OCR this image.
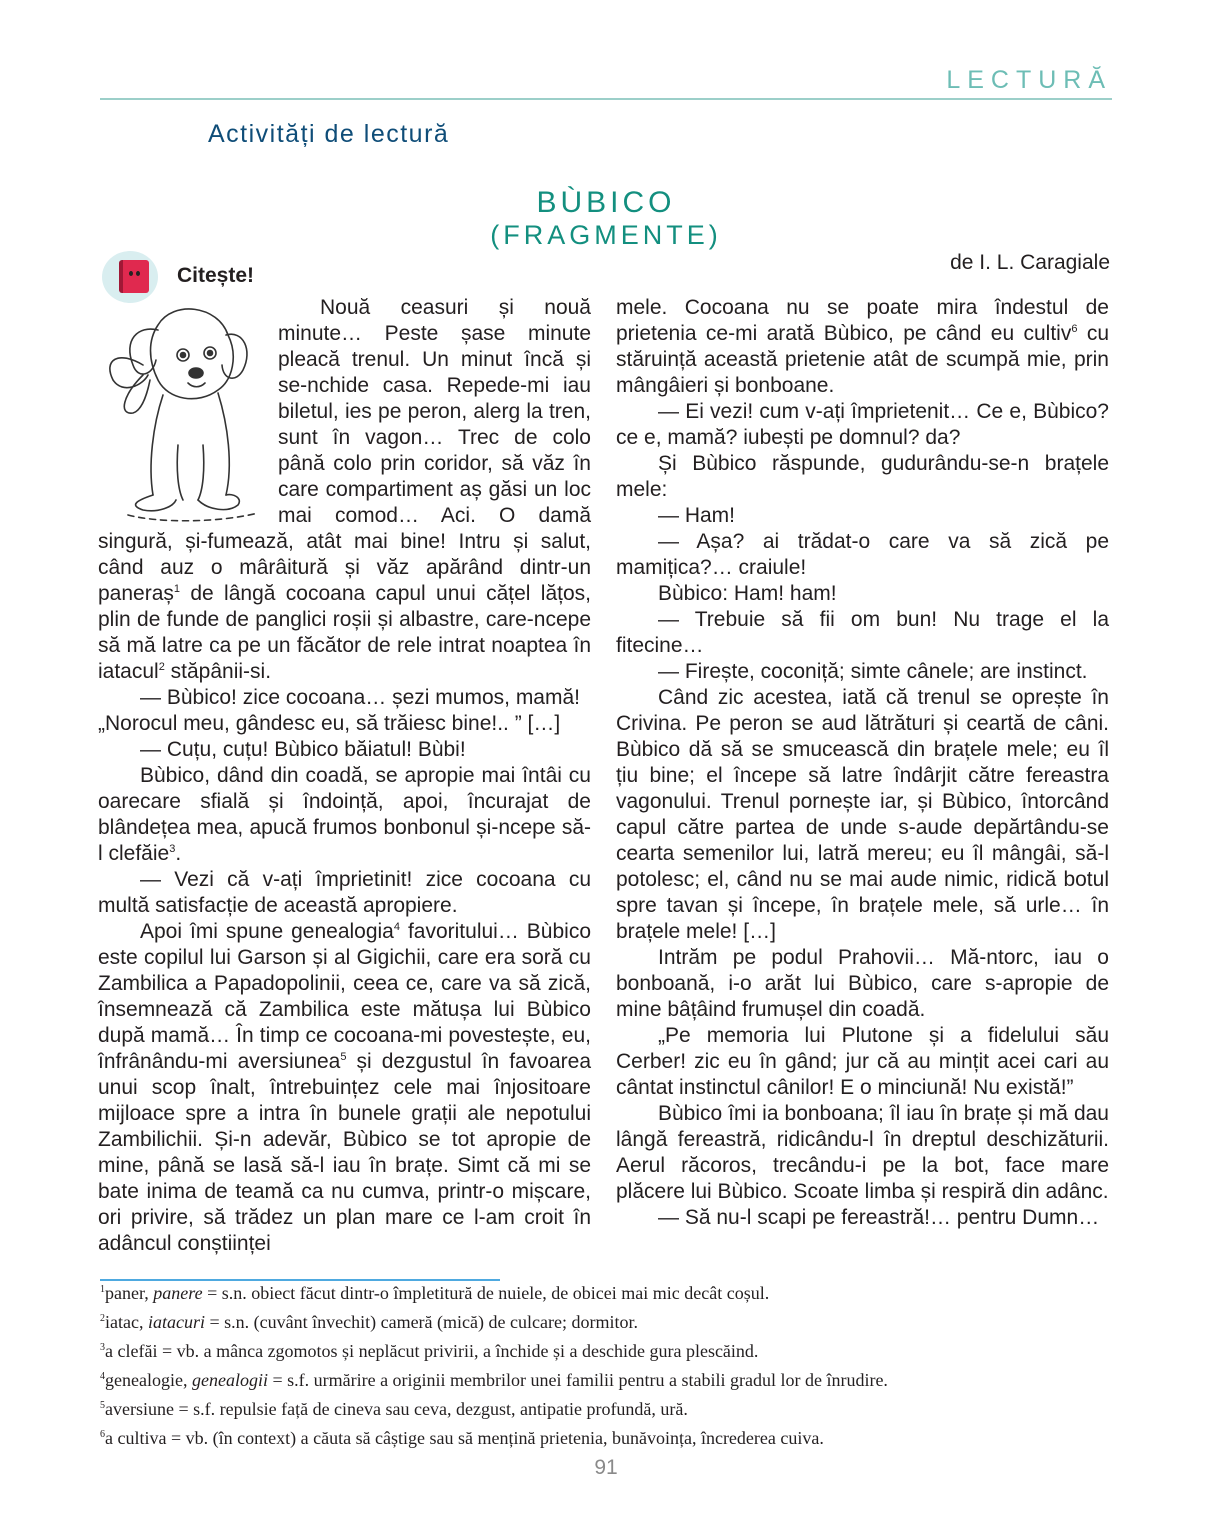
LECTURĂ
Activități de lectură
BÙBICO
(FRAGMENTE)
de I. L. Caragiale
Citește!

Nouă ceasuri și nouă minute… Peste șase minute pleacă trenul. Un minut încă și se-nchide casa. Repede-mi iau biletul, ies pe peron, alerg la tren, sunt în vagon… Trec de colo până colo prin coridor, să văz în care compartiment aș găsi un loc mai comod… Aci. O damă singură, și-fumează, atât mai bine! Intru și salut, când auz o mârâitură și văz apărând dintr-un paneraș$^1$ de lângă cocoana capul unui cățel lățos, plin de funde de panglici roșii și albastre, care-ncepe să mă latre ca pe un făcător de rele intrat noaptea în iatacul$^2$ stăpânii-si.

— Bùbico! zice cocoana… șezi mumos, mamă!

„Norocul meu, gândesc eu, să trăiesc bine!.. ” […]

— Cuțu, cuțu! Bùbico băiatul! Bùbi!

Bùbico, dând din coadă, se apropie mai întâi cu oarecare sfială și îndoință, apoi, încurajat de blândețea mea, apucă frumos bonbonul și-ncepe să-l clefăie$^3$.

— Vezi că v-ați împrietinit! zice cocoana cu multă satisfacție de această apropiere.

Apoi îmi spune genealogia$^4$ favoritului… Bùbico este copilul lui Garson și al Gigichii, care era soră cu Zambilica a Papadopolinii, ceea ce, care va să zică, însemnează că Zambilica este mătușa lui Bùbico după mamă… În timp ce cocoana-mi povestește, eu, înfrânându-mi aversiunea$^5$ și dezgustul în favoarea unui scop înalt, întrebuințez cele mai înjositoare mijloace spre a intra în bunele grații ale nepotului Zambilichii. Și-n adevăr, Bùbico se tot apropie de mine, până se lasă să-l iau în brațe. Simt că mi se bate inima de teamă ca nu cumva, printr-o mișcare, ori privire, să trădez un plan mare ce l-am croit în adâncul conștiinței

mele. Cocoana nu se poate mira îndestul de prietenia ce-mi arată Bùbico, pe când eu cultiv$^6$ cu stăruință această prietenie atât de scumpă mie, prin mângâieri și bonboane.

— Ei vezi! cum v-ați împrietenit… Ce e, Bùbico? ce e, mamă? iubești pe domnul? da?

Și Bùbico răspunde, gudurându-se-n brațele mele:

— Ham!

— Așa? ai trădat-o care va să zică pe mamițica?… craiule!

Bùbico: Ham! ham!

— Trebuie să fii om bun! Nu trage el la fitecine…

— Firește, coconiță; simte cânele; are instinct.

Când zic acestea, iată că trenul se oprește în Crivina. Pe peron se aud lătrături și ceartă de câni. Bùbico dă să se smucească din brațele mele; eu îl țiu bine; el începe să latre îndârjit către fereastra vagonului. Trenul pornește iar, și Bùbico, întorcând capul către partea de unde s-aude depărtându-se cearta semenilor lui, latră mereu; eu îl mângâi, să-l potolesc; el, când nu se mai aude nimic, ridică botul spre tavan și începe, în brațele mele, să urle… în brațele mele! […]

Intrăm pe podul Prahovii… Mă-ntorc, iau o bonboană, i-o arăt lui Bùbico, care s-apropie de mine bâțâind frumușel din coadă.

„Pe memoria lui Plutone și a fidelului său Cerber! zic eu în gând; jur că au mințit acei cari au cântat instinctul cânilor! E o minciună! Nu există!”

Bùbico îmi ia bonboana; îl iau în brațe și mă dau lângă fereastră, ridicându-l în dreptul deschizăturii. Aerul răcoros, trecându-i pe la bot, face mare plăcere lui Bùbico. Scoate limba și respiră din adânc.

— Să nu-l scapi pe fereastră!… pentru Dumn…

$^1$paner, panere = s.n. obiect făcut dintr-o împletitură de nuiele, de obicei mai mic decât coșul.
$^2$iatac, iatacuri = s.n. (cuvânt învechit) cameră (mică) de culcare; dormitor.
$^3$a clefăi = vb. a mânca zgomotos și neplăcut privirii, a închide și a deschide gura plescăind.
$^4$genealogie, genealogii = s.f. urmărire a originii membrilor unei familii pentru a stabili gradul lor de înrudire.
$^5$aversiune = s.f. repulsie față de cineva sau ceva, dezgust, antipatie profundă, ură.
$^6$a cultiva = vb. (în context) a căuta să câștige sau să mențină prietenia, bunăvoința, încrederea cuiva.
91
